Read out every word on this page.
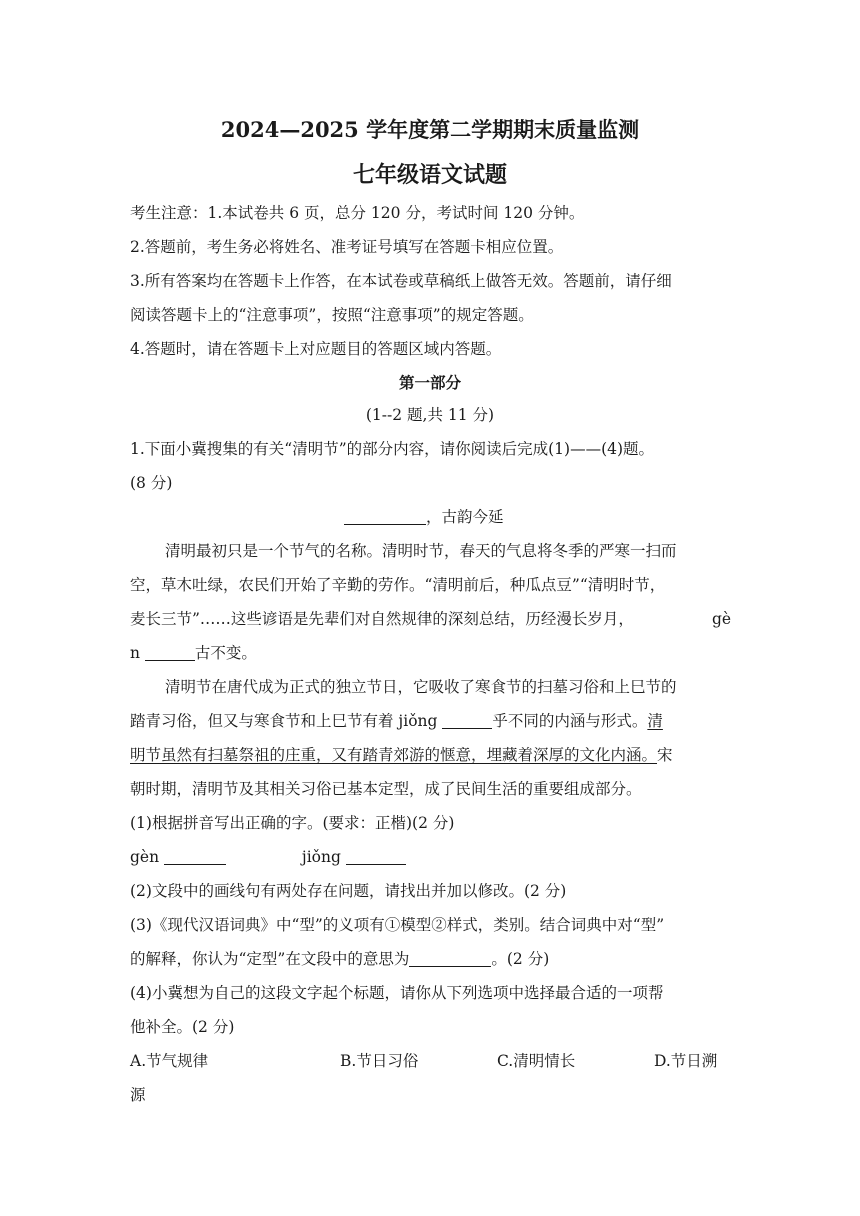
2024—2025 学年度第二学期期末质量监测
七年级语文试题
考生注意：1.本试卷共 6 页，总分 120 分，考试时间 120 分钟。
2.答题前，考生务必将姓名、准考证号填写在答题卡相应位置。
3.所有答案均在答题卡上作答，在本试卷或草稿纸上做答无效。答题前，请仔细
阅读答题卡上的“注意事项”，按照“注意事项”的规定答题。
4.答题时，请在答题卡上对应题目的答题区域内答题。
第一部分
(1--2 题,共 11 分)
1.下面小冀搜集的有关“清明节”的部分内容，请你阅读后完成(1)——(4)题。
(8 分)
，古韵今延
清明最初只是一个节气的名称。清明时节，春天的气息将冬季的严寒一扫而
空，草木吐绿，农民们开始了辛勤的劳作。“清明前后，种瓜点豆”“清明时节，
麦长三节”……这些谚语是先辈们对自然规律的深刻总结，历经漫长岁月，	gè
n	古不变。
清明节在唐代成为正式的独立节日，它吸收了寒食节的扫墓习俗和上巳节的
踏青习俗，但又与寒食节和上巳节有着 jiǒng	乎不同的内涵与形式。清
明节虽然有扫墓祭祖的庄重，又有踏青郊游的惬意，埋藏着深厚的文化内涵。宋
朝时期，清明节及其相关习俗已基本定型，成了民间生活的重要组成部分。
(1)根据拼音写出正确的字。(要求：正楷)(2 分)
gèn	jiǒng
(2)文段中的画线句有两处存在问题，请找出并加以修改。(2 分)
(3)《现代汉语词典》中“型”的义项有①模型②样式，类别。结合词典中对“型”
的解释，你认为“定型”在文段中的意思为	。(2 分)
(4)小冀想为自己的这段文字起个标题，请你从下列选项中选择最合适的一项帮
他补全。(2 分)
A.节气规律	B.节日习俗	C.清明情长	D.节日溯
源
